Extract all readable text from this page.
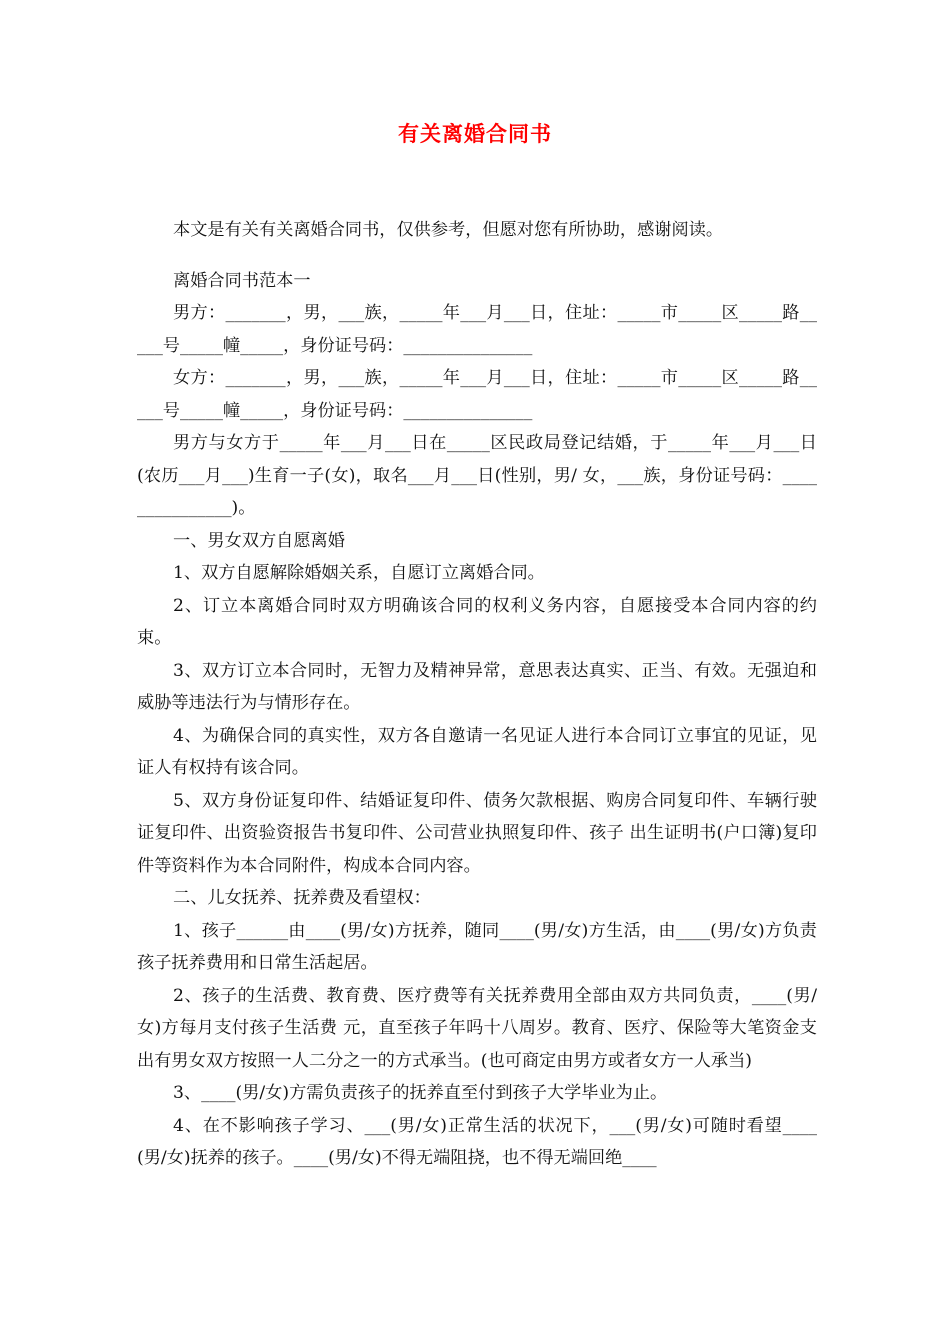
有关离婚合同书

本文是有关有关离婚合同书，仅供参考，但愿对您有所协助，感谢阅读。

离婚合同书范本一

男方：_______，男，___族，_____年___月___日，住址：_____市_____区_____路_____号_____幢_____，身份证号码：_______________

女方：_______，男，___族，_____年___月___日，住址：_____市_____区_____路_____号_____幢_____，身份证号码：_______________

男方与女方于_____年___月___日在_____区民政局登记结婚，于_____年___月___日(农历___月___)生育一子(女)，取名___月___日(性别，男/ 女，___族，身份证号码：_______________)。

一、男女双方自愿离婚

1、双方自愿解除婚姻关系，自愿订立离婚合同。

2、订立本离婚合同时双方明确该合同的权利义务内容，自愿接受本合同内容的约束。

3、双方订立本合同时，无智力及精神异常，意思表达真实、正当、有效。无强迫和威胁等违法行为与情形存在。

4、为确保合同的真实性，双方各自邀请一名见证人进行本合同订立事宜的见证，见证人有权持有该合同。

5、双方身份证复印件、结婚证复印件、债务欠款根据、购房合同复印件、车辆行驶证复印件、出资验资报告书复印件、公司营业执照复印件、孩子 出生证明书(户口簿)复印件等资料作为本合同附件，构成本合同内容。

二、儿女抚养、抚养费及看望权：

1、孩子______由____(男/女)方抚养，随同____(男/女)方生活，由____(男/女)方负责孩子抚养费用和日常生活起居。

2、孩子的生活费、教育费、医疗费等有关抚养费用全部由双方共同负责，____(男/女)方每月支付孩子生活费 元，直至孩子年吗十八周岁。教育、医疗、保险等大笔资金支出有男女双方按照一人二分之一的方式承当。(也可商定由男方或者女方一人承当)

3、____(男/女)方需负责孩子的抚养直至付到孩子大学毕业为止。

4、在不影响孩子学习、___(男/女)正常生活的状况下，___(男/女)可随时看望____(男/女)抚养的孩子。____(男/女)不得无端阻挠，也不得无端回绝____
